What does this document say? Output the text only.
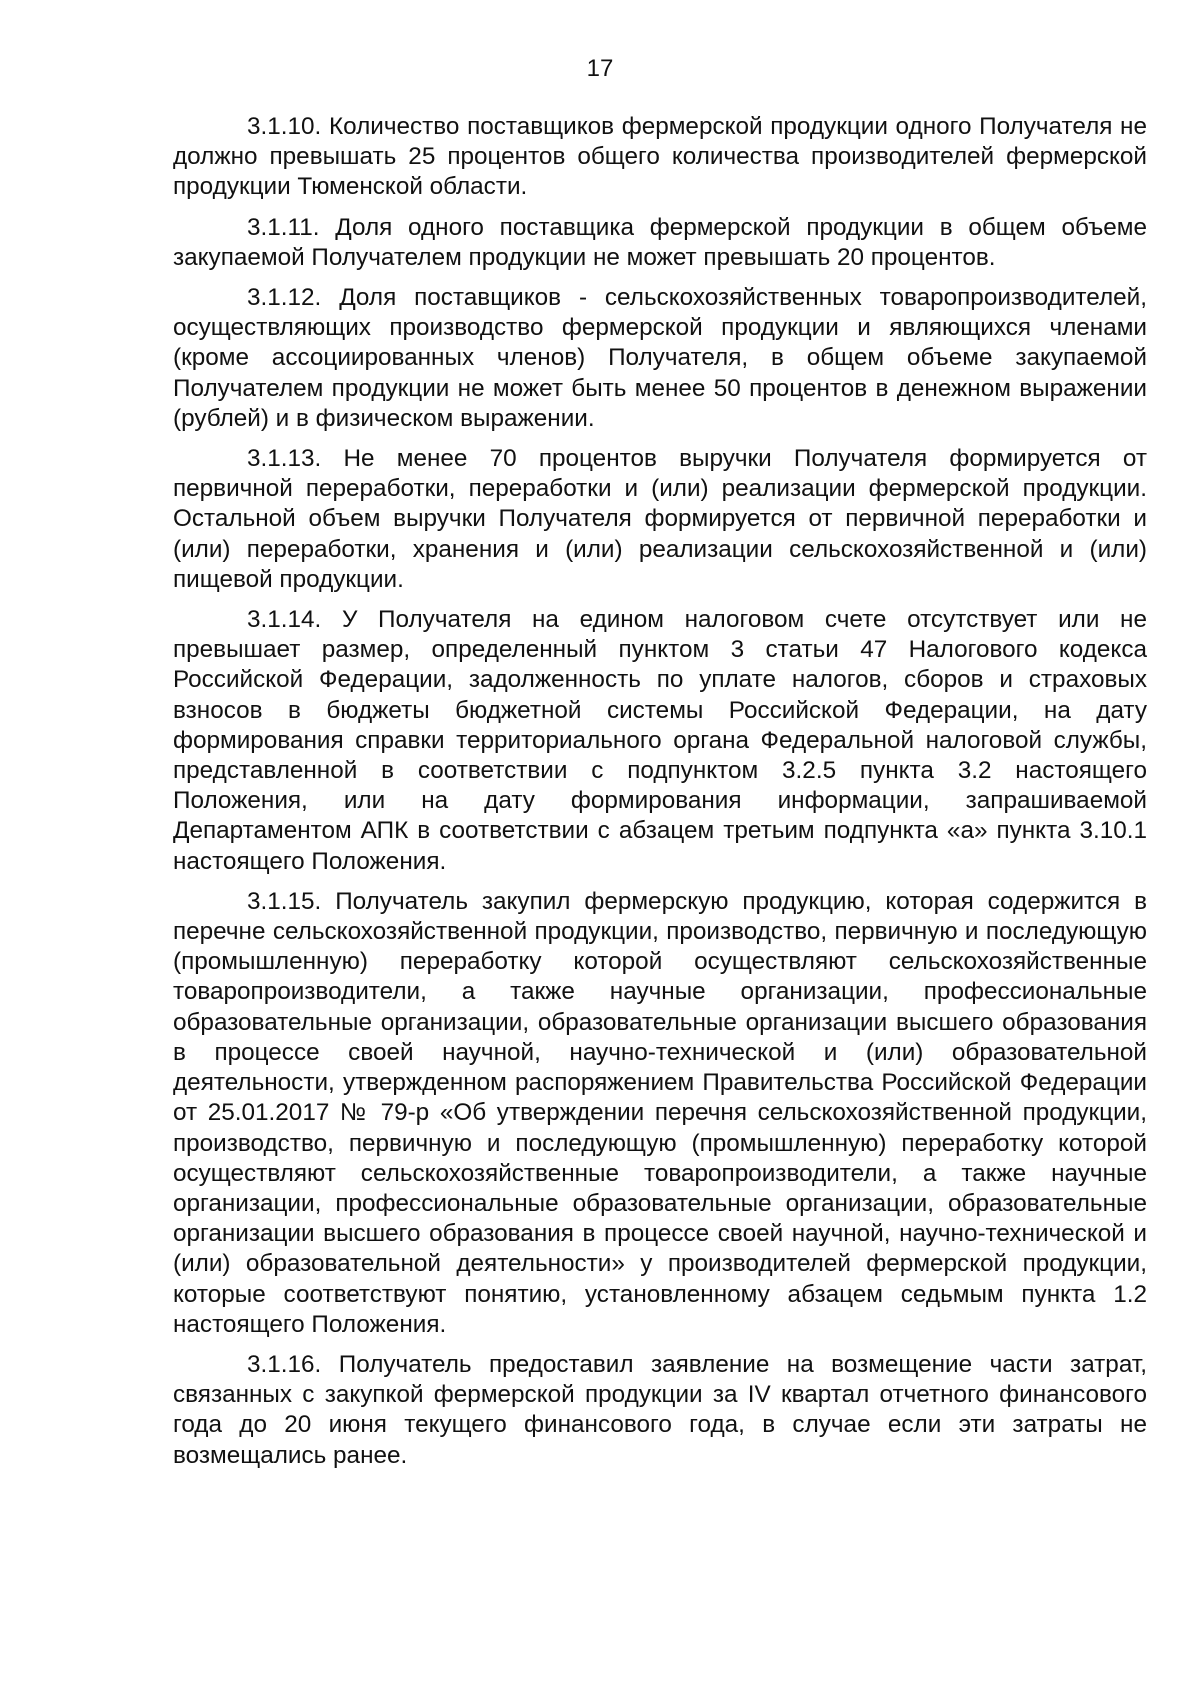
17

3.1.10. Количество поставщиков фермерской продукции одного Получателя не должно превышать 25 процентов общего количества производителей фермерской продукции Тюменской области.

3.1.11. Доля одного поставщика фермерской продукции в общем объеме закупаемой Получателем продукции не может превышать 20 процентов.

3.1.12. Доля поставщиков - сельскохозяйственных товаропроизводителей, осуществляющих производство фермерской продукции и являющихся членами (кроме ассоциированных членов) Получателя, в общем объеме закупаемой Получателем продукции не может быть менее 50 процентов в денежном выражении (рублей) и в физическом выражении.

3.1.13. Не менее 70 процентов выручки Получателя формируется от первичной переработки, переработки и (или) реализации фермерской продукции. Остальной объем выручки Получателя формируется от первичной переработки и (или) переработки, хранения и (или) реализации сельскохозяйственной и (или) пищевой продукции.

3.1.14. У Получателя на едином налоговом счете отсутствует или не превышает размер, определенный пунктом 3 статьи 47 Налогового кодекса Российской Федерации, задолженность по уплате налогов, сборов и страховых взносов в бюджеты бюджетной системы Российской Федерации, на дату формирования справки территориального органа Федеральной налоговой службы, представленной в соответствии с подпунктом 3.2.5 пункта 3.2 настоящего Положения, или на дату формирования информации, запрашиваемой Департаментом АПК в соответствии с абзацем третьим подпункта «а» пункта 3.10.1 настоящего Положения.

3.1.15. Получатель закупил фермерскую продукцию, которая содержится в перечне сельскохозяйственной продукции, производство, первичную и последующую (промышленную) переработку которой осуществляют сельскохозяйственные товаропроизводители, а также научные организации, профессиональные образовательные организации, образовательные организации высшего образования в процессе своей научной, научно-технической и (или) образовательной деятельности, утвержденном распоряжением Правительства Российской Федерации от 25.01.2017 № 79-р «Об утверждении перечня сельскохозяйственной продукции, производство, первичную и последующую (промышленную) переработку которой осуществляют сельскохозяйственные товаропроизводители, а также научные организации, профессиональные образовательные организации, образовательные организации высшего образования в процессе своей научной, научно-технической и (или) образовательной деятельности» у производителей фермерской продукции, которые соответствуют понятию, установленному абзацем седьмым пункта 1.2 настоящего Положения.

3.1.16. Получатель предоставил заявление на возмещение части затрат, связанных с закупкой фермерской продукции за IV квартал отчетного финансового года до 20 июня текущего финансового года, в случае если эти затраты не возмещались ранее.
